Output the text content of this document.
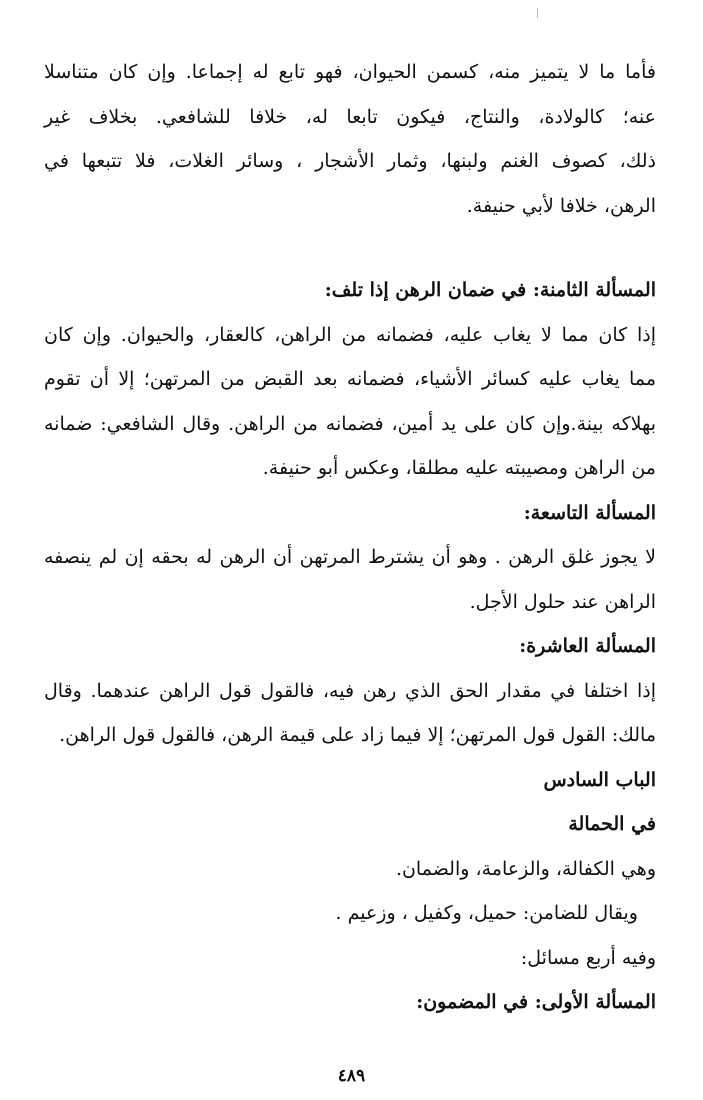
فأما ما لا يتميز منه، كسمن الحيوان، فهو تابع له إجماعا. وإن كان متناسلا

عنه؛ كالولادة، والنتاج، فيكون تابعا له، خلافا للشافعي. بخلاف غير

ذلك، كصوف الغنم ولبنها، وثمار الأشجار ، وسائر الغلات، فلا تتبعها في

الرهن، خلافا لأبي حنيفة.

المسألة الثامنة: في ضمان الرهن إذا تلف:

إذا كان مما لا يغاب عليه، فضمانه من الراهن، كالعقار، والحيوان. وإن كان

مما يغاب عليه كسائر الأشياء، فضمانه بعد القبض من المرتهن؛ إلا أن تقوم

بهلاكه بينة.وإن كان على يد أمين، فضمانه من الراهن. وقال الشافعي: ضمانه

من الراهن ومصيبته عليه مطلقا، وعكس أبو حنيفة.

المسألة التاسعة:

لا يجوز غلق الرهن . وهو أن يشترط المرتهن أن الرهن له بحقه إن لم ينصفه

الراهن عند حلول الأجل.

المسألة العاشرة:

إذا اختلفا في مقدار الحق الذي رهن فيه، فالقول قول الراهن عندهما. وقال

مالك: القول قول المرتهن؛ إلا فيما زاد على قيمة الرهن، فالقول قول الراهن.

الباب السادس

في الحمالة

وهي الكفالة، والزعامة، والضمان.

ويقال للضامن: حميل، وكفيل ، وزعيم .

وفيه أربع مسائل:

المسألة الأولى: في المضمون:

٤٨٩
